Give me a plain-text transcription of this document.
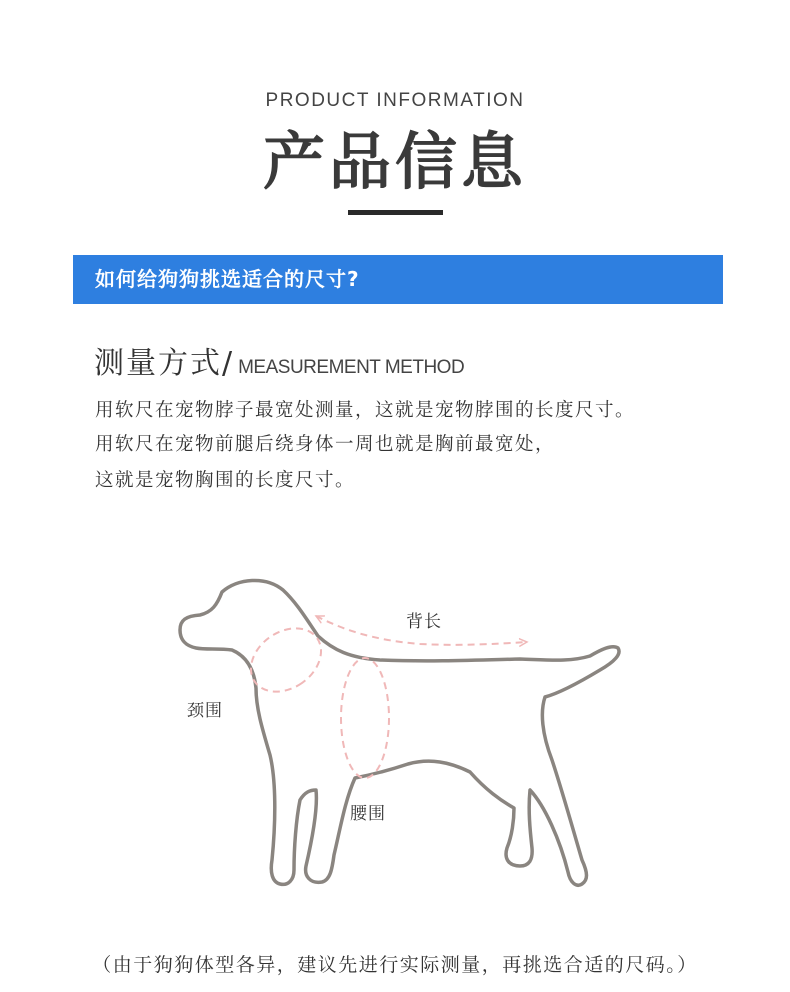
PRODUCT INFORMATION
产品信息
如何给狗狗挑选适合的尺寸?
测量方式/ MEASUREMENT METHOD
用软尺在宠物脖子最宽处测量，这就是宠物脖围的长度尺寸。
用软尺在宠物前腿后绕身体一周也就是胸前最宽处，
这就是宠物胸围的长度尺寸。
背长
颈围
腰围
（由于狗狗体型各异，建议先进行实际测量，再挑选合适的尺码。）
